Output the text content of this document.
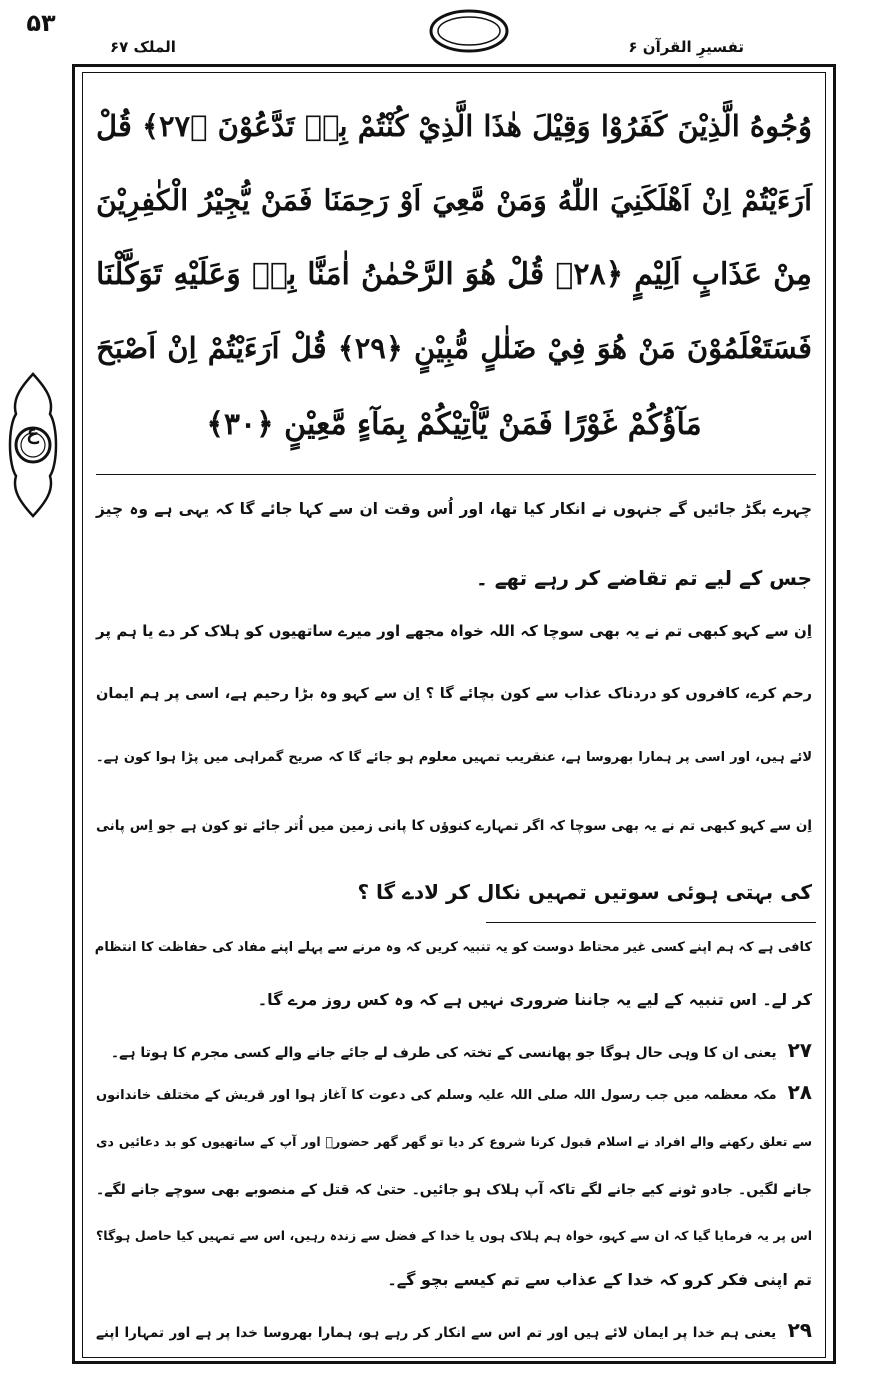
الملک ۶۷	تفسیرِ القرآن ۶
۵۳
ع
وُجُوهُ الَّذِيْنَ كَفَرُوْا وَقِيْلَ هٰذَا الَّذِيْ كُنْتُمْ بِهٖ تَدَّعُوْنَ ﴿۲۷﴾ قُلْ
اَرَءَيْتُمْ اِنْ اَهْلَكَنِيَ اللّٰهُ وَمَنْ مَّعِيَ اَوْ رَحِمَنَا فَمَنْ يُّجِيْرُ الْكٰفِرِيْنَ
مِنْ عَذَابٍ اَلِيْمٍ ﴿۲۸﴾ قُلْ هُوَ الرَّحْمٰنُ اٰمَنَّا بِهٖ وَعَلَيْهِ تَوَكَّلْنَا
فَسَتَعْلَمُوْنَ مَنْ هُوَ فِيْ ضَلٰلٍ مُّبِيْنٍ ﴿۲۹﴾ قُلْ اَرَءَيْتُمْ اِنْ اَصْبَحَ
مَآؤُكُمْ غَوْرًا فَمَنْ يَّاْتِيْكُمْ بِمَآءٍ مَّعِيْنٍ ﴿۳۰﴾
چہرے بگڑ جائیں گے جنہوں نے انکار کیا تھا، اور اُس وقت ان سے کہا جائے گا کہ یہی ہے وہ چیز
جس کے لیے تم تقاضے کر رہے تھے ۔
اِن سے کہو کبھی تم نے یہ بھی سوچا کہ اللہ خواہ مجھے اور میرے ساتھیوں کو ہلاک کر دے یا ہم پر
رحم کرے، کافروں کو دردناک عذاب سے کون بچائے گا ؟ اِن سے کہو وہ بڑا رحیم ہے، اسی پر ہم ایمان
لائے ہیں، اور اسی پر ہمارا بھروسا ہے، عنقریب تمہیں معلوم ہو جائے گا کہ صریح گمراہی میں پڑا ہوا کون ہے۔
اِن سے کہو کبھی تم نے یہ بھی سوچا کہ اگر تمہارے کنوؤں کا پانی زمین میں اُتر جائے تو کون ہے جو اِس پانی
کی بہتی ہوئی سوتیں تمہیں نکال کر لادے گا ؟
کافی ہے کہ ہم اپنے کسی غیر محتاط دوست کو یہ تنبیہ کریں کہ وہ مرنے سے پہلے اپنے مفاد کی حفاظت کا انتظام
کر لے۔ اس تنبیہ کے لیے یہ جاننا ضروری نہیں ہے کہ وہ کس روز مرے گا۔
۲۷ یعنی ان کا وہی حال ہوگا جو پھانسی کے تختہ کی طرف لے جائے جانے والے کسی مجرم کا ہوتا ہے۔
۲۸ مکہ معظمہ میں جب رسول اللہ صلی اللہ علیہ وسلم کی دعوت کا آغاز ہوا اور قریش کے مختلف خاندانوں
سے تعلق رکھنے والے افراد نے اسلام قبول کرنا شروع کر دیا تو گھر گھر حضورؐ اور آپ کے ساتھیوں کو بد دعائیں دی
جانے لگیں۔ جادو ٹونے کیے جانے لگے تاکہ آپ ہلاک ہو جائیں۔ حتیٰ کہ قتل کے منصوبے بھی سوچے جانے لگے۔
اس پر یہ فرمایا گیا کہ ان سے کہو، خواہ ہم ہلاک ہوں یا خدا کے فضل سے زندہ رہیں، اس سے تمہیں کیا حاصل ہوگا؟
تم اپنی فکر کرو کہ خدا کے عذاب سے تم کیسے بچو گے۔
۲۹ یعنی ہم خدا پر ایمان لائے ہیں اور تم اس سے انکار کر رہے ہو، ہمارا بھروسا خدا پر ہے اور تمہارا اپنے
